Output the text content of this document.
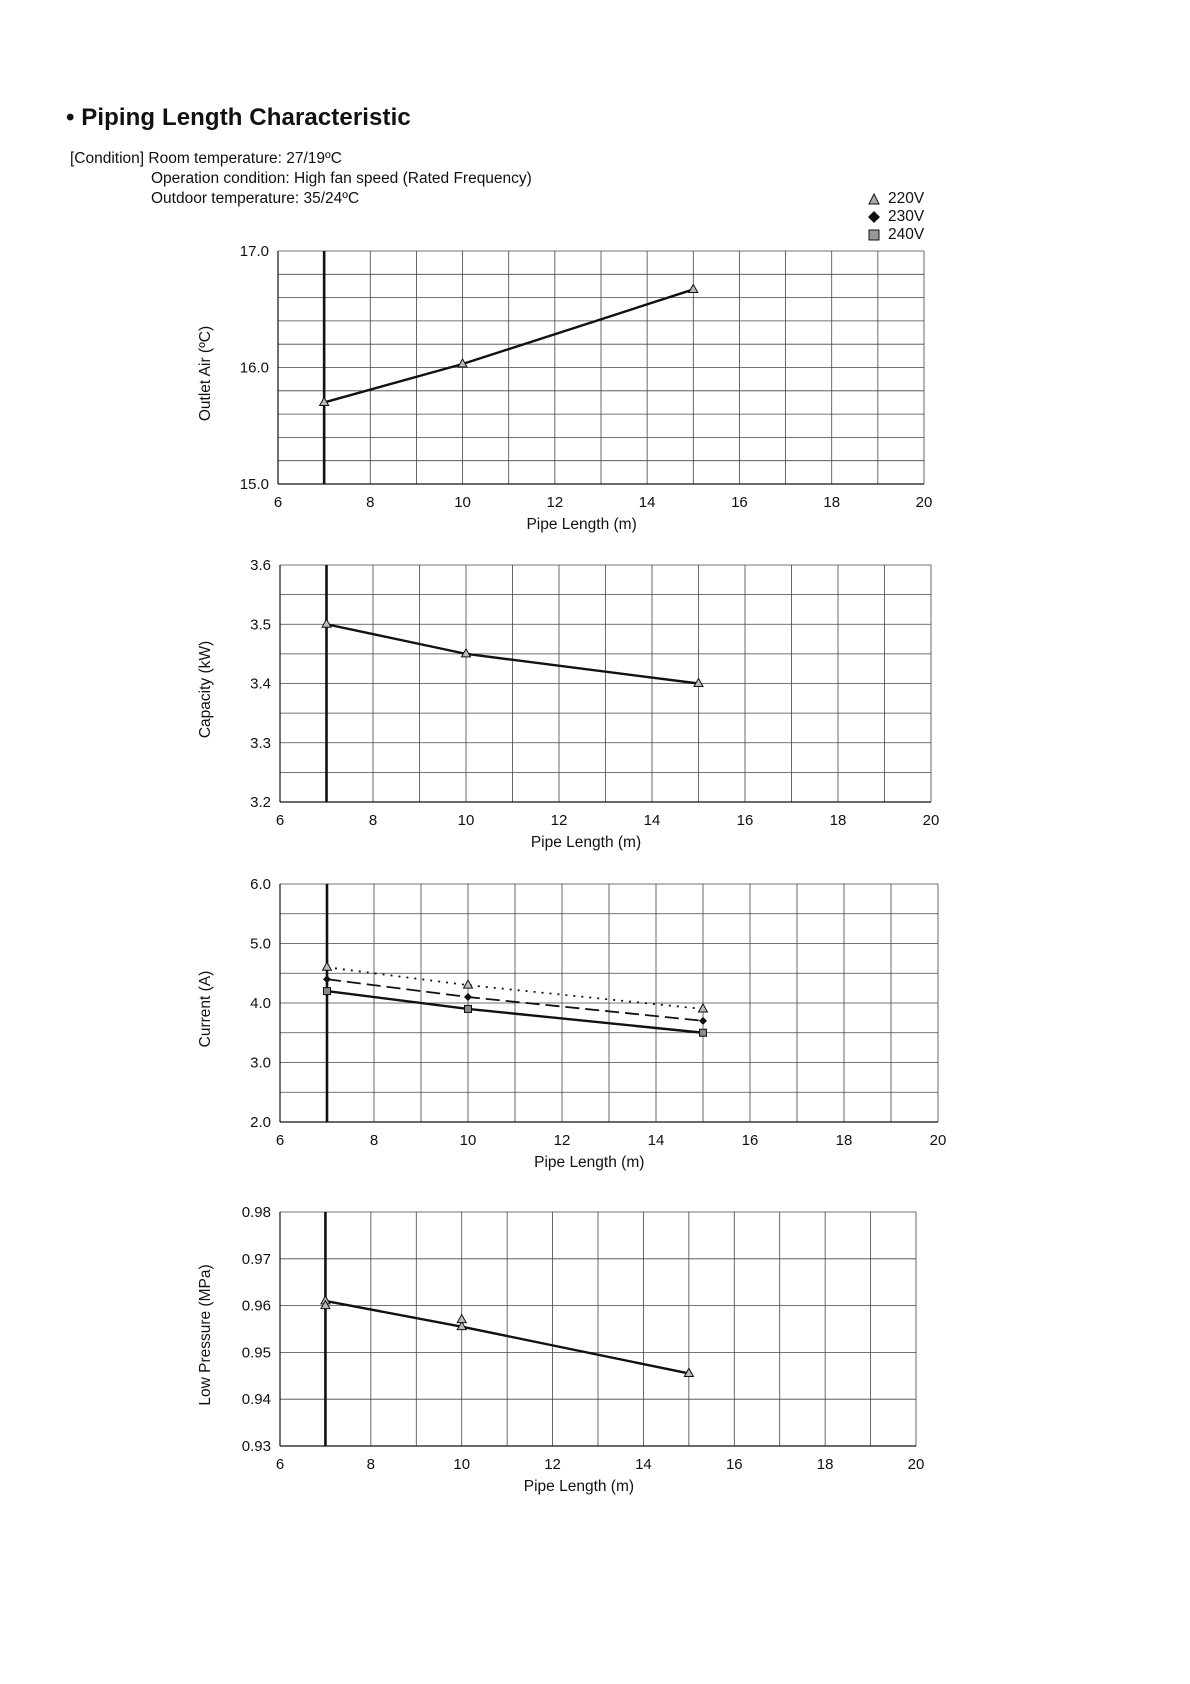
• Piping Length Characteristic
[Condition] Room temperature: 27/19ºC
Operation condition: High fan speed (Rated Frequency)
Outdoor temperature: 35/24ºC	220V
230V
240V
6	8	10	12	14	16	18	20
15.0
16.0
17.0
Pipe Length (m)
Outlet Air (ºC)
6	8	10	12	14	16	18	20
3.2
3.3
3.4
3.5
3.6
Pipe Length (m)
Capacity (kW)
6	8	10	12	14	16	18	20
2.0
3.0
4.0
5.0
6.0
Pipe Length (m)
Current (A)
6	8	10	12	14	16	18	20
0.93
0.94
0.95
0.96
0.97
0.98
Pipe Length (m)
Low Pressure (MPa)
